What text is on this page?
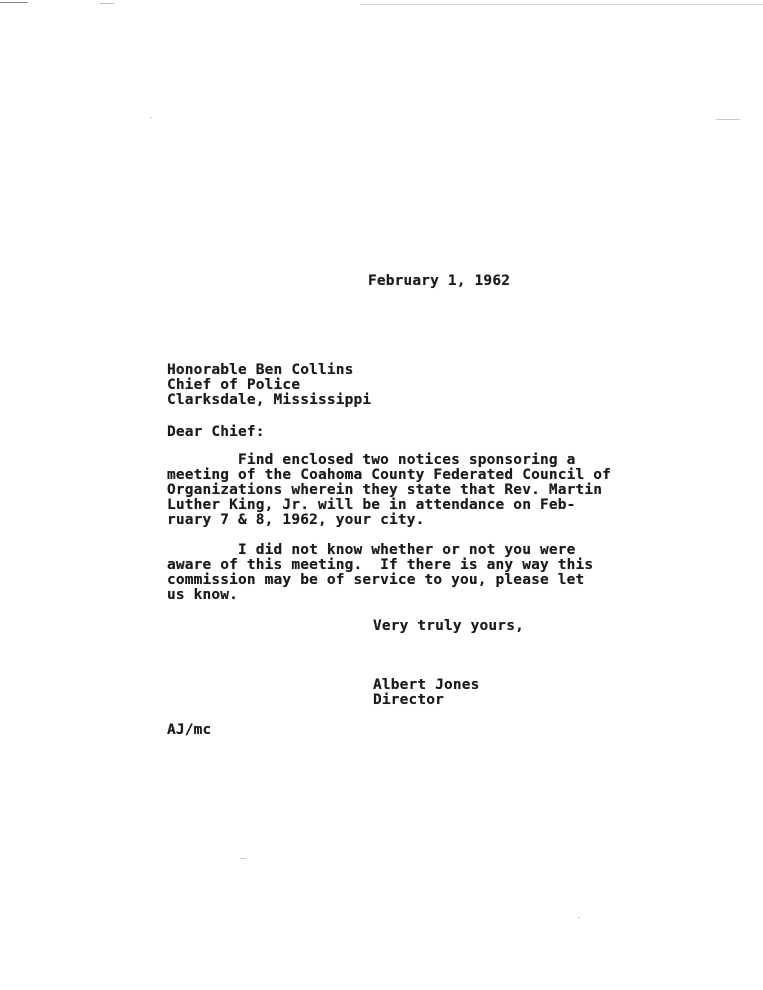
February 1, 1962
Honorable Ben Collins
Chief of Police
Clarksdale, Mississippi
Dear Chief:
Find enclosed two notices sponsoring a
meeting of the Coahoma County Federated Council of
Organizations wherein they state that Rev. Martin
Luther King, Jr. will be in attendance on Feb-
ruary 7 & 8, 1962, your city.
I did not know whether or not you were
aware of this meeting.  If there is any way this
commission may be of service to you, please let
us know.
Very truly yours,
Albert Jones
Director
AJ/mc
